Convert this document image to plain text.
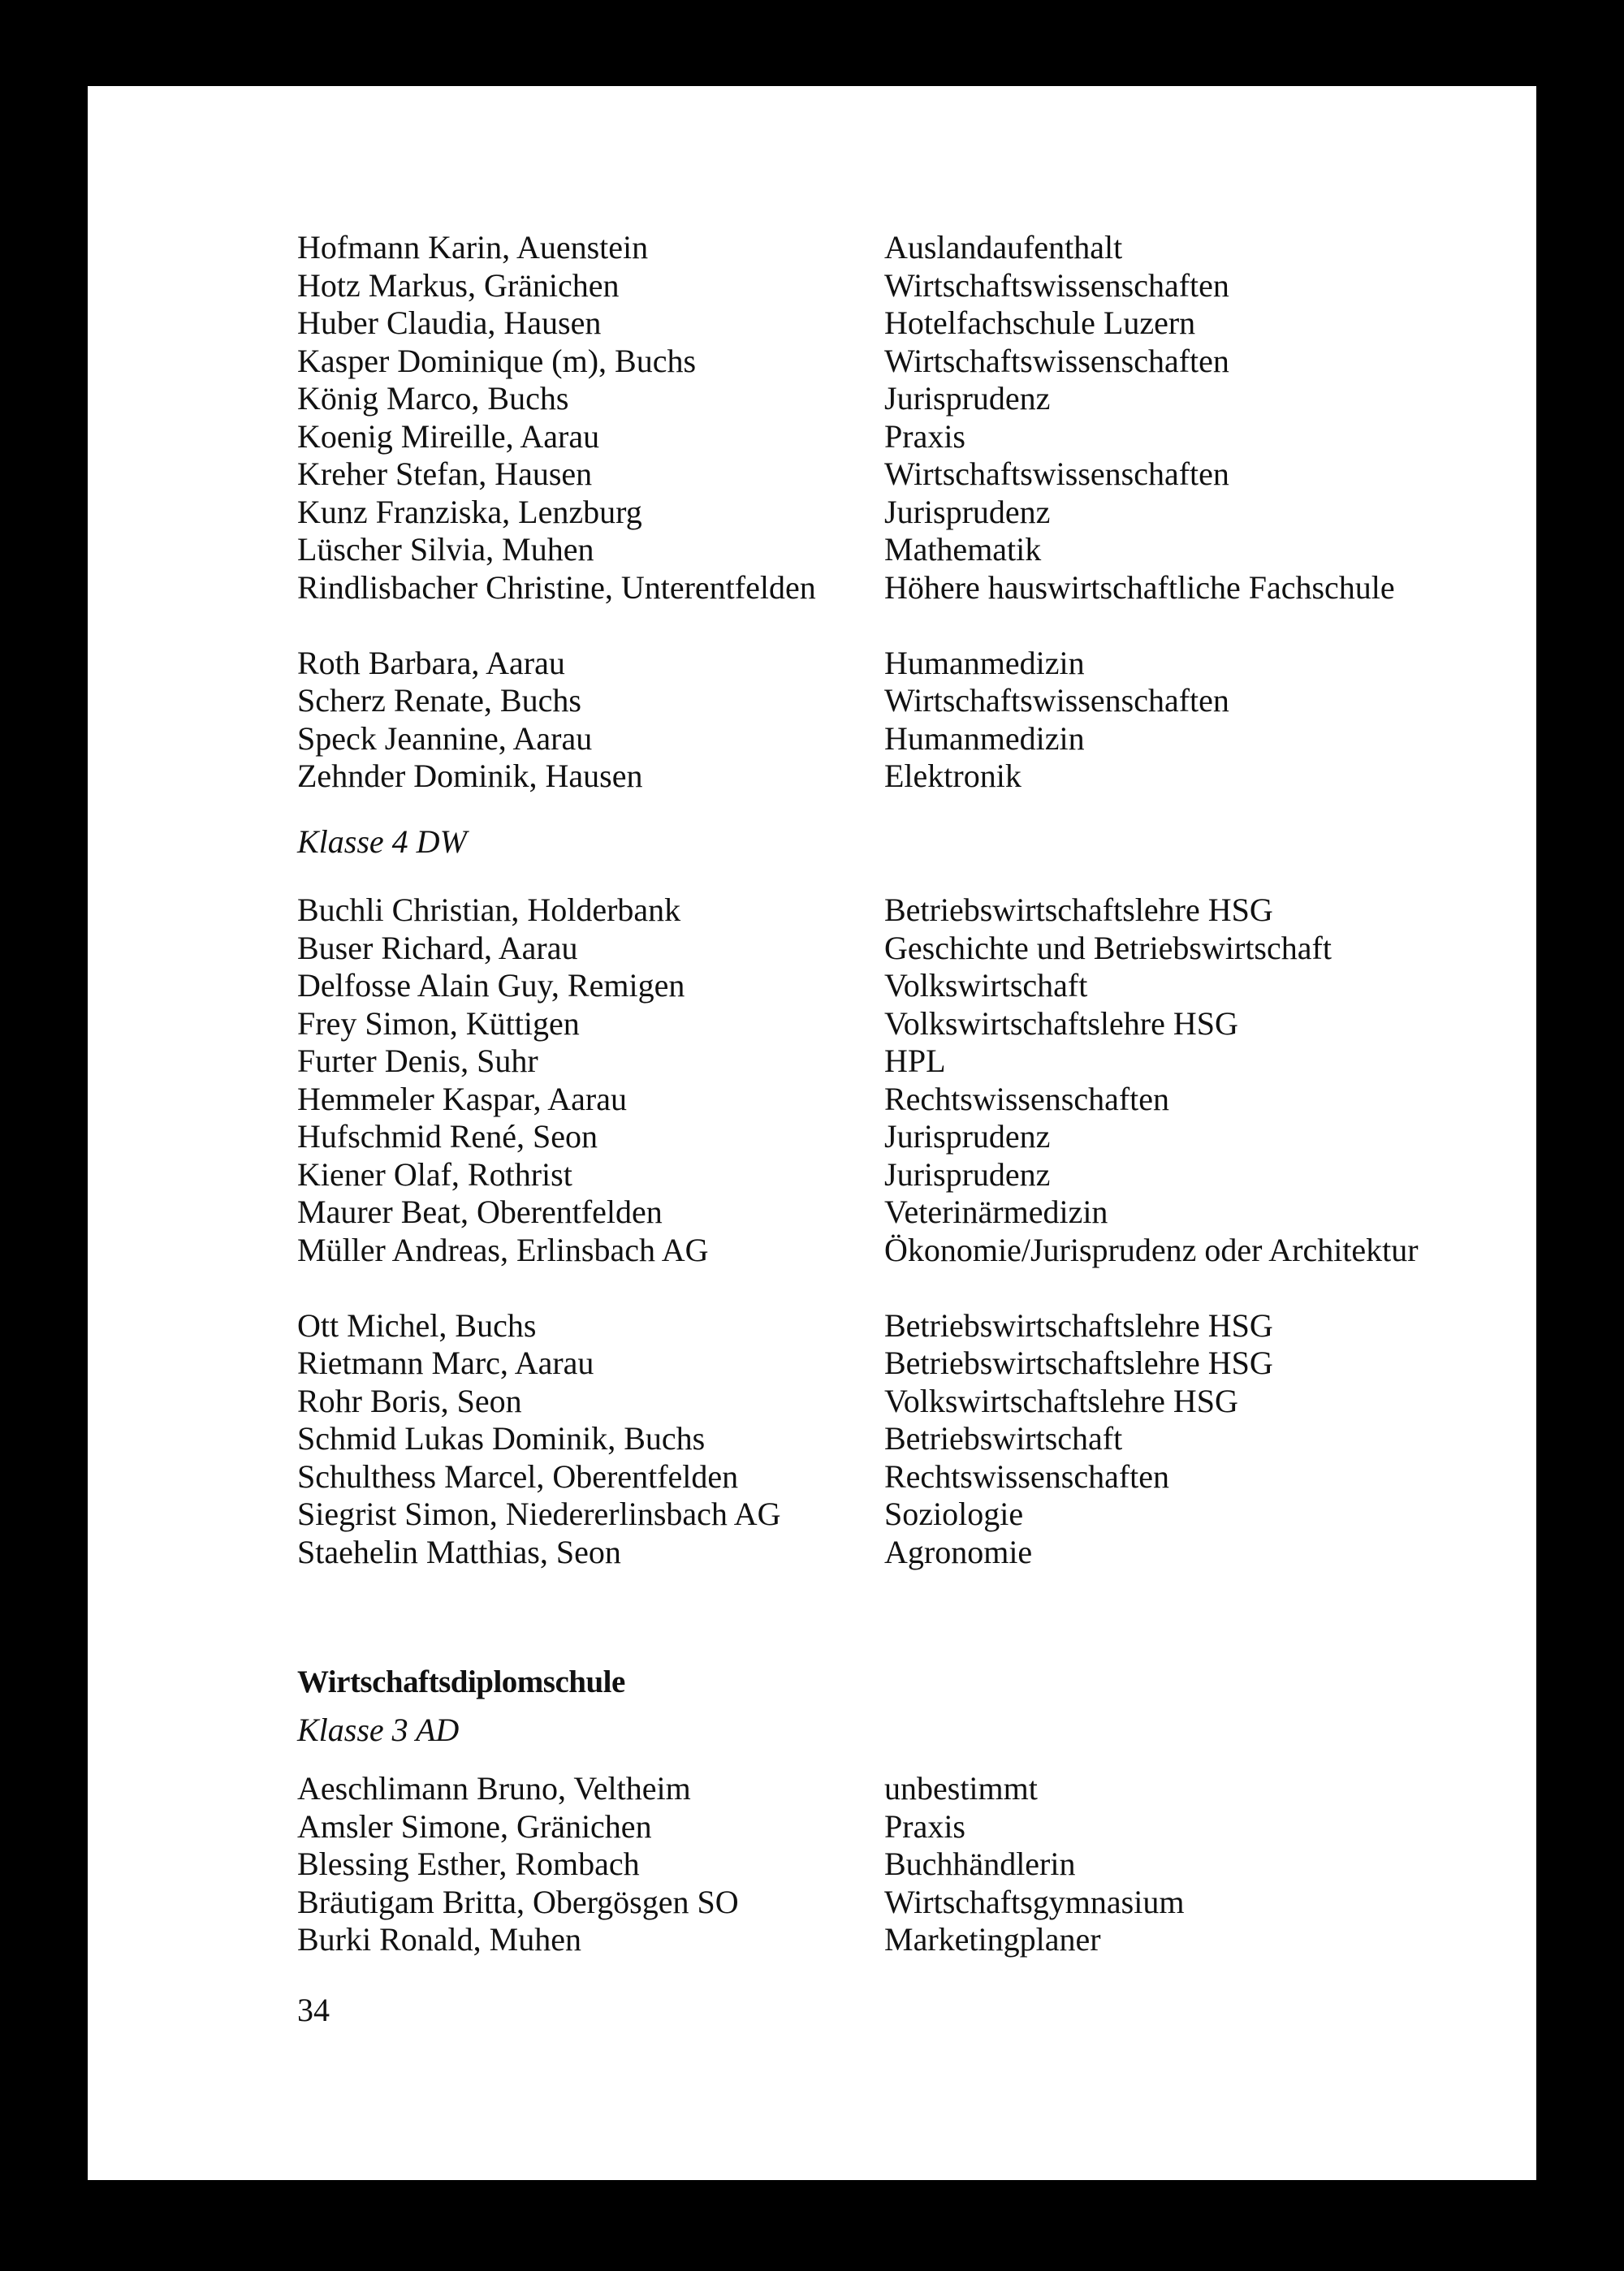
Hofmann Karin, Auenstein	Auslandaufenthalt
Hotz Markus, Gränichen	Wirtschaftswissenschaften
Huber Claudia, Hausen	Hotelfachschule Luzern
Kasper Dominique (m), Buchs	Wirtschaftswissenschaften
König Marco, Buchs	Jurisprudenz
Koenig Mireille, Aarau	Praxis
Kreher Stefan, Hausen	Wirtschaftswissenschaften
Kunz Franziska, Lenzburg	Jurisprudenz
Lüscher Silvia, Muhen	Mathematik
Rindlisbacher Christine, Unterentfelden	Höhere hauswirtschaftliche Fachschule
Roth Barbara, Aarau	Humanmedizin
Scherz Renate, Buchs	Wirtschaftswissenschaften
Speck Jeannine, Aarau	Humanmedizin
Zehnder Dominik, Hausen	Elektronik
Klasse 4 DW
Buchli Christian, Holderbank	Betriebswirtschaftslehre HSG
Buser Richard, Aarau	Geschichte und Betriebswirtschaft
Delfosse Alain Guy, Remigen	Volkswirtschaft
Frey Simon, Küttigen	Volkswirtschaftslehre HSG
Furter Denis, Suhr	HPL
Hemmeler Kaspar, Aarau	Rechtswissenschaften
Hufschmid René, Seon	Jurisprudenz
Kiener Olaf, Rothrist	Jurisprudenz
Maurer Beat, Oberentfelden	Veterinärmedizin
Müller Andreas, Erlinsbach AG	Ökonomie/Jurisprudenz oder Architektur
Ott Michel, Buchs	Betriebswirtschaftslehre HSG
Rietmann Marc, Aarau	Betriebswirtschaftslehre HSG
Rohr Boris, Seon	Volkswirtschaftslehre HSG
Schmid Lukas Dominik, Buchs	Betriebswirtschaft
Schulthess Marcel, Oberentfelden	Rechtswissenschaften
Siegrist Simon, Niedererlinsbach AG	Soziologie
Staehelin Matthias, Seon	Agronomie
Wirtschaftsdiplomschule
Klasse 3 AD
Aeschlimann Bruno, Veltheim	unbestimmt
Amsler Simone, Gränichen	Praxis
Blessing Esther, Rombach	Buchhändlerin
Bräutigam Britta, Obergösgen SO	Wirtschaftsgymnasium
Burki Ronald, Muhen	Marketingplaner
34
